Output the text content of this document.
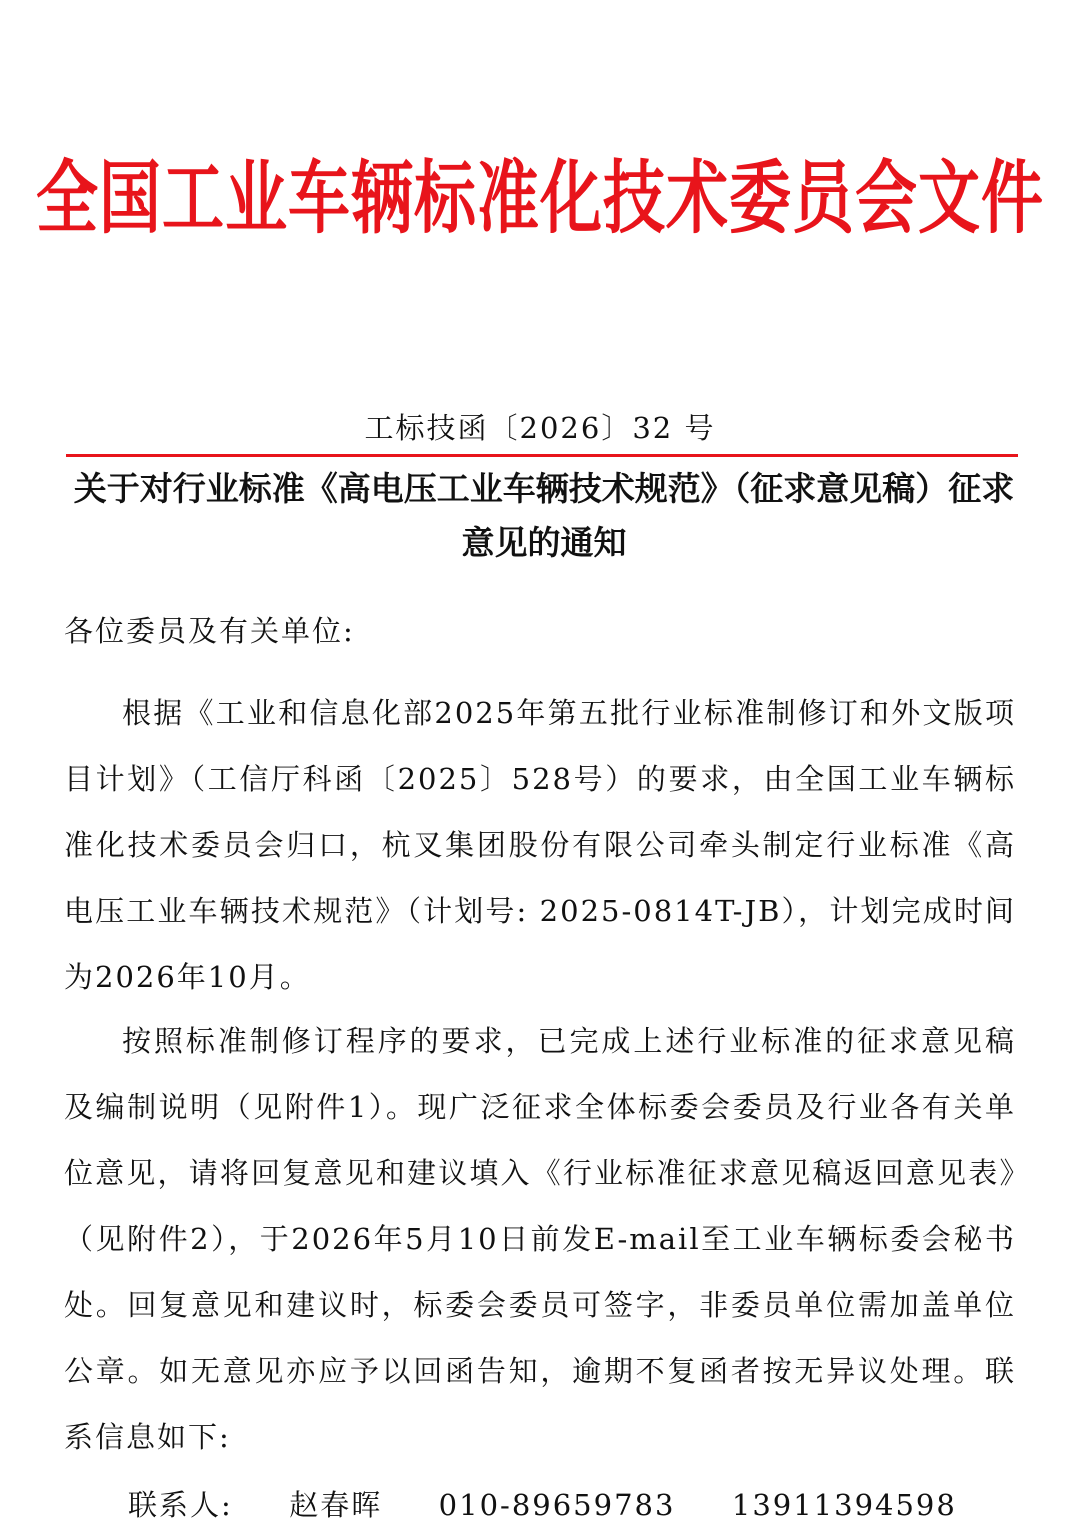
全国工业车辆标准化技术委员会文件
工标技函〔2026〕32 号
关于对行业标准《高电压工业车辆技术规范》（征求意见稿）征求意见的通知
各位委员及有关单位:
根据《工业和信息化部2025年第五批行业标准制修订和外文版项目计划》（工信厅科函〔2025〕528号）的要求，由全国工业车辆标准化技术委员会归口，杭叉集团股份有限公司牵头制定行业标准《高电压工业车辆技术规范》（计划号: 2025-0814T-JB），计划完成时间为2026年10月。
按照标准制修订程序的要求，已完成上述行业标准的征求意见稿及编制说明（见附件1）。现广泛征求全体标委会委员及行业各有关单位意见，请将回复意见和建议填入《行业标准征求意见稿返回意见表》（见附件2），于2026年5月10日前发E-mail至工业车辆标委会秘书处。回复意见和建议时，标委会委员可签字，非委员单位需加盖单位公章。如无意见亦应予以回函告知，逾期不复函者按无异议处理。联系信息如下:
联系人: 赵春晖 010-89659783 13911394598
